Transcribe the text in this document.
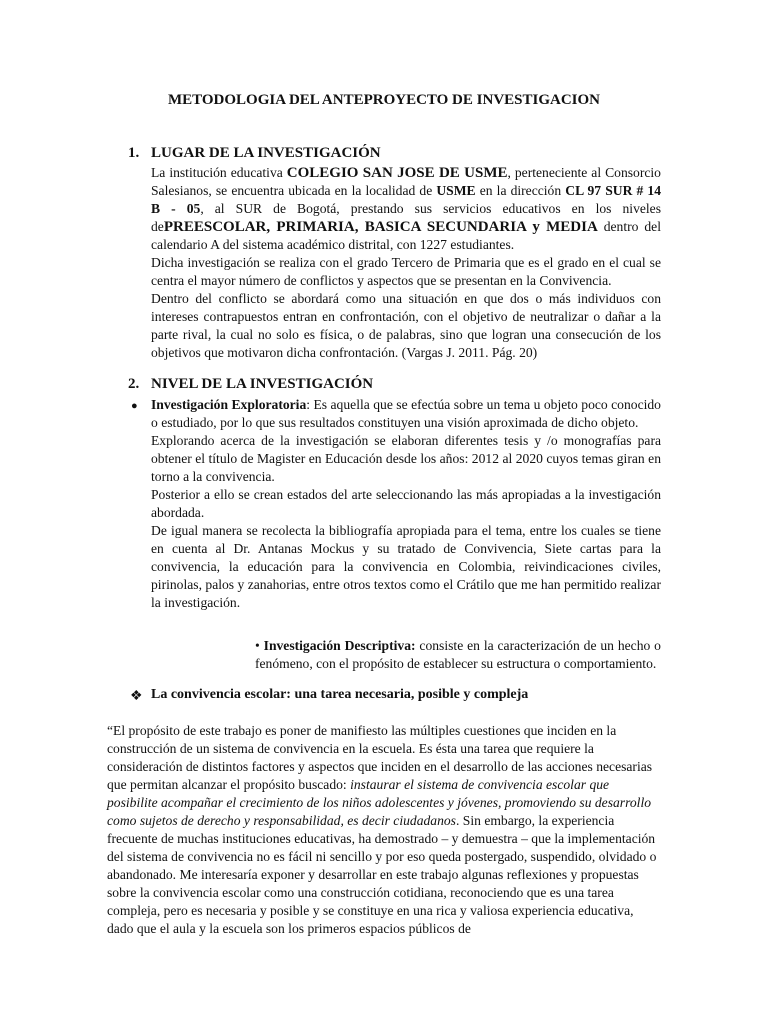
METODOLOGIA DEL ANTEPROYECTO DE INVESTIGACION
1. LUGAR DE LA INVESTIGACIÓN

La institución educativa COLEGIO SAN JOSE DE USME, perteneciente al Consorcio Salesianos, se encuentra ubicada en la localidad de USME en la dirección CL 97 SUR # 14 B - 05, al SUR de Bogotá, prestando sus servicios educativos en los niveles dePREESCOLAR, PRIMARIA, BASICA SECUNDARIA y MEDIA dentro del calendario A del sistema académico distrital, con 1227 estudiantes.

Dicha investigación se realiza con el grado Tercero de Primaria que es el grado en el cual se centra el mayor número de conflictos y aspectos que se presentan en la Convivencia.

Dentro del conflicto se abordará como una situación en que dos o más individuos con intereses contrapuestos entran en confrontación, con el objetivo de neutralizar o dañar a la parte rival, la cual no solo es física, o de palabras, sino que logran una consecución de los objetivos que motivaron dicha confrontación. (Vargas J. 2011. Pág. 20)

2. NIVEL DE LA INVESTIGACIÓN
● Investigación Exploratoria: Es aquella que se efectúa sobre un tema u objeto poco conocido o estudiado, por lo que sus resultados constituyen una visión aproximada de dicho objeto.

Explorando acerca de la investigación se elaboran diferentes tesis y /o monografías para obtener el título de Magister en Educación desde los años: 2012 al 2020 cuyos temas giran en torno a la convivencia.

Posterior a ello se crean estados del arte seleccionando las más apropiadas a la investigación abordada.

De igual manera se recolecta la bibliografía apropiada para el tema, entre los cuales se tiene en cuenta al Dr. Antanas Mockus y su tratado de Convivencia, Siete cartas para la convivencia, la educación para la convivencia en Colombia, reivindicaciones civiles, pirinolas, palos y zanahorias, entre otros textos como el Crátilo que me han permitido realizar la investigación.

• Investigación Descriptiva: consiste en la caracterización de un hecho o fenómeno, con el propósito de establecer su estructura o comportamiento.
❖ La convivencia escolar: una tarea necesaria, posible y compleja
“El propósito de este trabajo es poner de manifiesto las múltiples cuestiones que inciden en la construcción de un sistema de convivencia en la escuela. Es ésta una tarea que requiere la consideración de distintos factores y aspectos que inciden en el desarrollo de las acciones necesarias que permitan alcanzar el propósito buscado: instaurar el sistema de convivencia escolar que posibilite acompañar el crecimiento de los niños adolescentes y jóvenes, promoviendo su desarrollo como sujetos de derecho y responsabilidad, es decir ciudadanos. Sin embargo, la experiencia frecuente de muchas instituciones educativas, ha demostrado – y demuestra – que la implementación del sistema de convivencia no es fácil ni sencillo y por eso queda postergado, suspendido, olvidado o abandonado. Me interesaría exponer y desarrollar en este trabajo algunas reflexiones y propuestas sobre la convivencia escolar como una construcción cotidiana, reconociendo que es una tarea compleja, pero es necesaria y posible y se constituye en una rica y valiosa experiencia educativa, dado que el aula y la escuela son los primeros espacios públicos de
